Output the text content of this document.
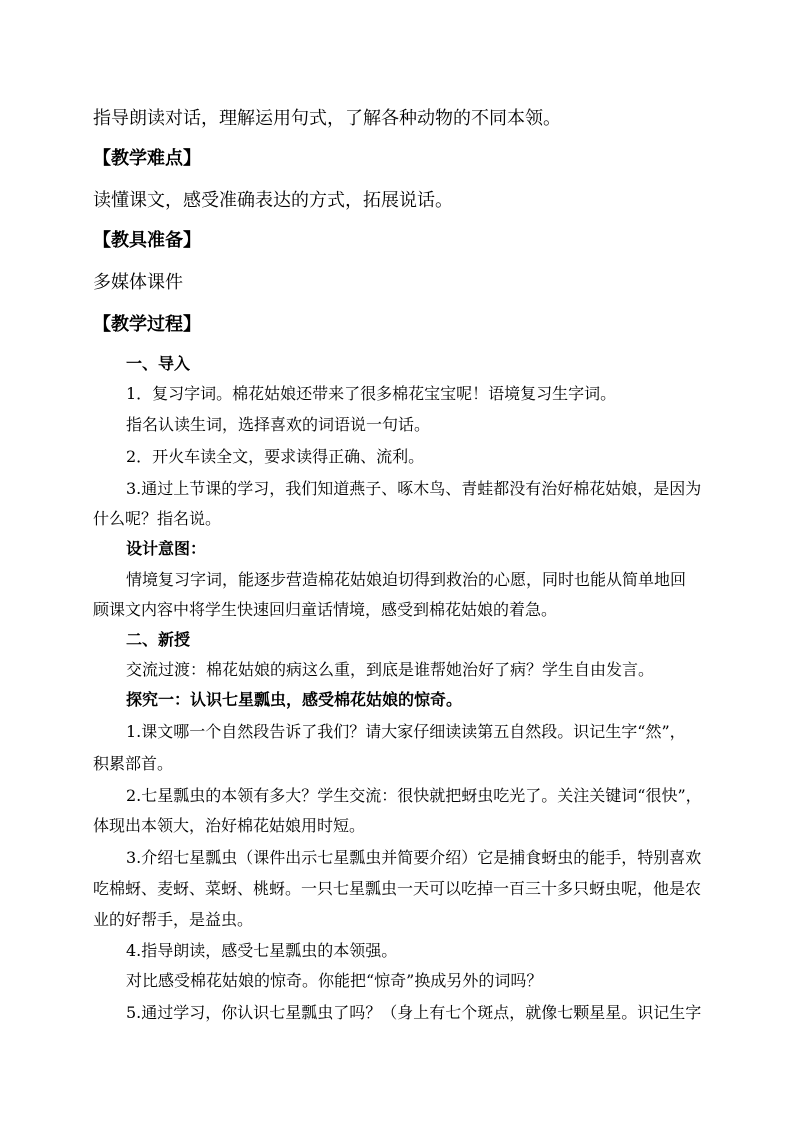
指导朗读对话，理解运用句式，了解各种动物的不同本领。
【教学难点】
读懂课文，感受准确表达的方式，拓展说话。
【教具准备】
多媒体课件
【教学过程】
一、导入
1．复习字词。棉花姑娘还带来了很多棉花宝宝呢！语境复习生字词。
指名认读生词，选择喜欢的词语说一句话。
2．开火车读全文，要求读得正确、流利。
3.通过上节课的学习，我们知道燕子、啄木鸟、青蛙都没有治好棉花姑娘，是因为
什么呢？指名说。
设计意图：
情境复习字词，能逐步营造棉花姑娘迫切得到救治的心愿，同时也能从简单地回
顾课文内容中将学生快速回归童话情境，感受到棉花姑娘的着急。
二、新授
交流过渡：棉花姑娘的病这么重，到底是谁帮她治好了病？学生自由发言。
探究一：认识七星瓢虫，感受棉花姑娘的惊奇。
1.课文哪一个自然段告诉了我们？请大家仔细读读第五自然段。识记生字“然”，
积累部首。
2.七星瓢虫的本领有多大？学生交流：很快就把蚜虫吃光了。关注关键词“很快”，
体现出本领大，治好棉花姑娘用时短。
3.介绍七星瓢虫（课件出示七星瓢虫并简要介绍）它是捕食蚜虫的能手，特别喜欢
吃棉蚜、麦蚜、菜蚜、桃蚜。一只七星瓢虫一天可以吃掉一百三十多只蚜虫呢，他是农
业的好帮手，是益虫。
4.指导朗读，感受七星瓢虫的本领强。
对比感受棉花姑娘的惊奇。你能把“惊奇”换成另外的词吗？
5.通过学习，你认识七星瓢虫了吗？（身上有七个斑点，就像七颗星星。识记生字
